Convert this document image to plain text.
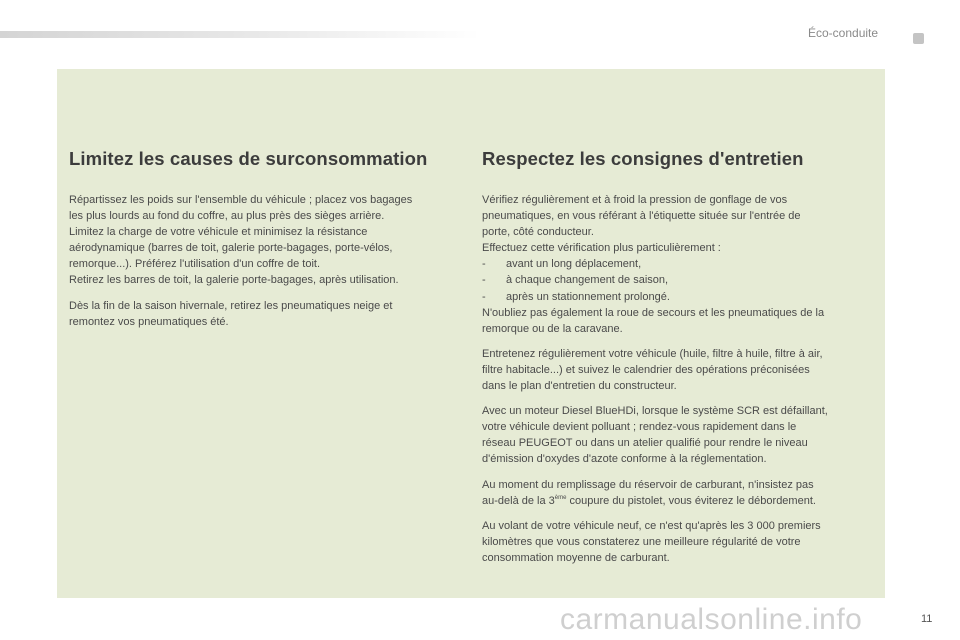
Éco-conduite
Limitez les causes de surconsommation

Répartissez les poids sur l'ensemble du véhicule ; placez vos bagages
les plus lourds au fond du coffre, au plus près des sièges arrière.
Limitez la charge de votre véhicule et minimisez la résistance
aérodynamique (barres de toit, galerie porte-bagages, porte-vélos,
remorque...). Préférez l'utilisation d'un coffre de toit.
Retirez les barres de toit, la galerie porte-bagages, après utilisation.

Dès la fin de la saison hivernale, retirez les pneumatiques neige et
remontez vos pneumatiques été.

Respectez les consignes d'entretien

Vérifiez régulièrement et à froid la pression de gonflage de vos
pneumatiques, en vous référant à l'étiquette située sur l'entrée de
porte, côté conducteur.
Effectuez cette vérification plus particulièrement :
- avant un long déplacement,
- à chaque changement de saison,
- après un stationnement prolongé.
N'oubliez pas également la roue de secours et les pneumatiques de la
remorque ou de la caravane.

Entretenez régulièrement votre véhicule (huile, filtre à huile, filtre à air,
filtre habitacle...) et suivez le calendrier des opérations préconisées
dans le plan d'entretien du constructeur.

Avec un moteur Diesel BlueHDi, lorsque le système SCR est défaillant,
votre véhicule devient polluant ; rendez-vous rapidement dans le
réseau PEUGEOT ou dans un atelier qualifié pour rendre le niveau
d'émission d'oxydes d'azote conforme à la réglementation.

Au moment du remplissage du réservoir de carburant, n'insistez pas
au-delà de la 3ème coupure du pistolet, vous éviterez le débordement.

Au volant de votre véhicule neuf, ce n'est qu'après les 3 000 premiers
kilomètres que vous constaterez une meilleure régularité de votre
consommation moyenne de carburant.

carmanualsonline.info	11
